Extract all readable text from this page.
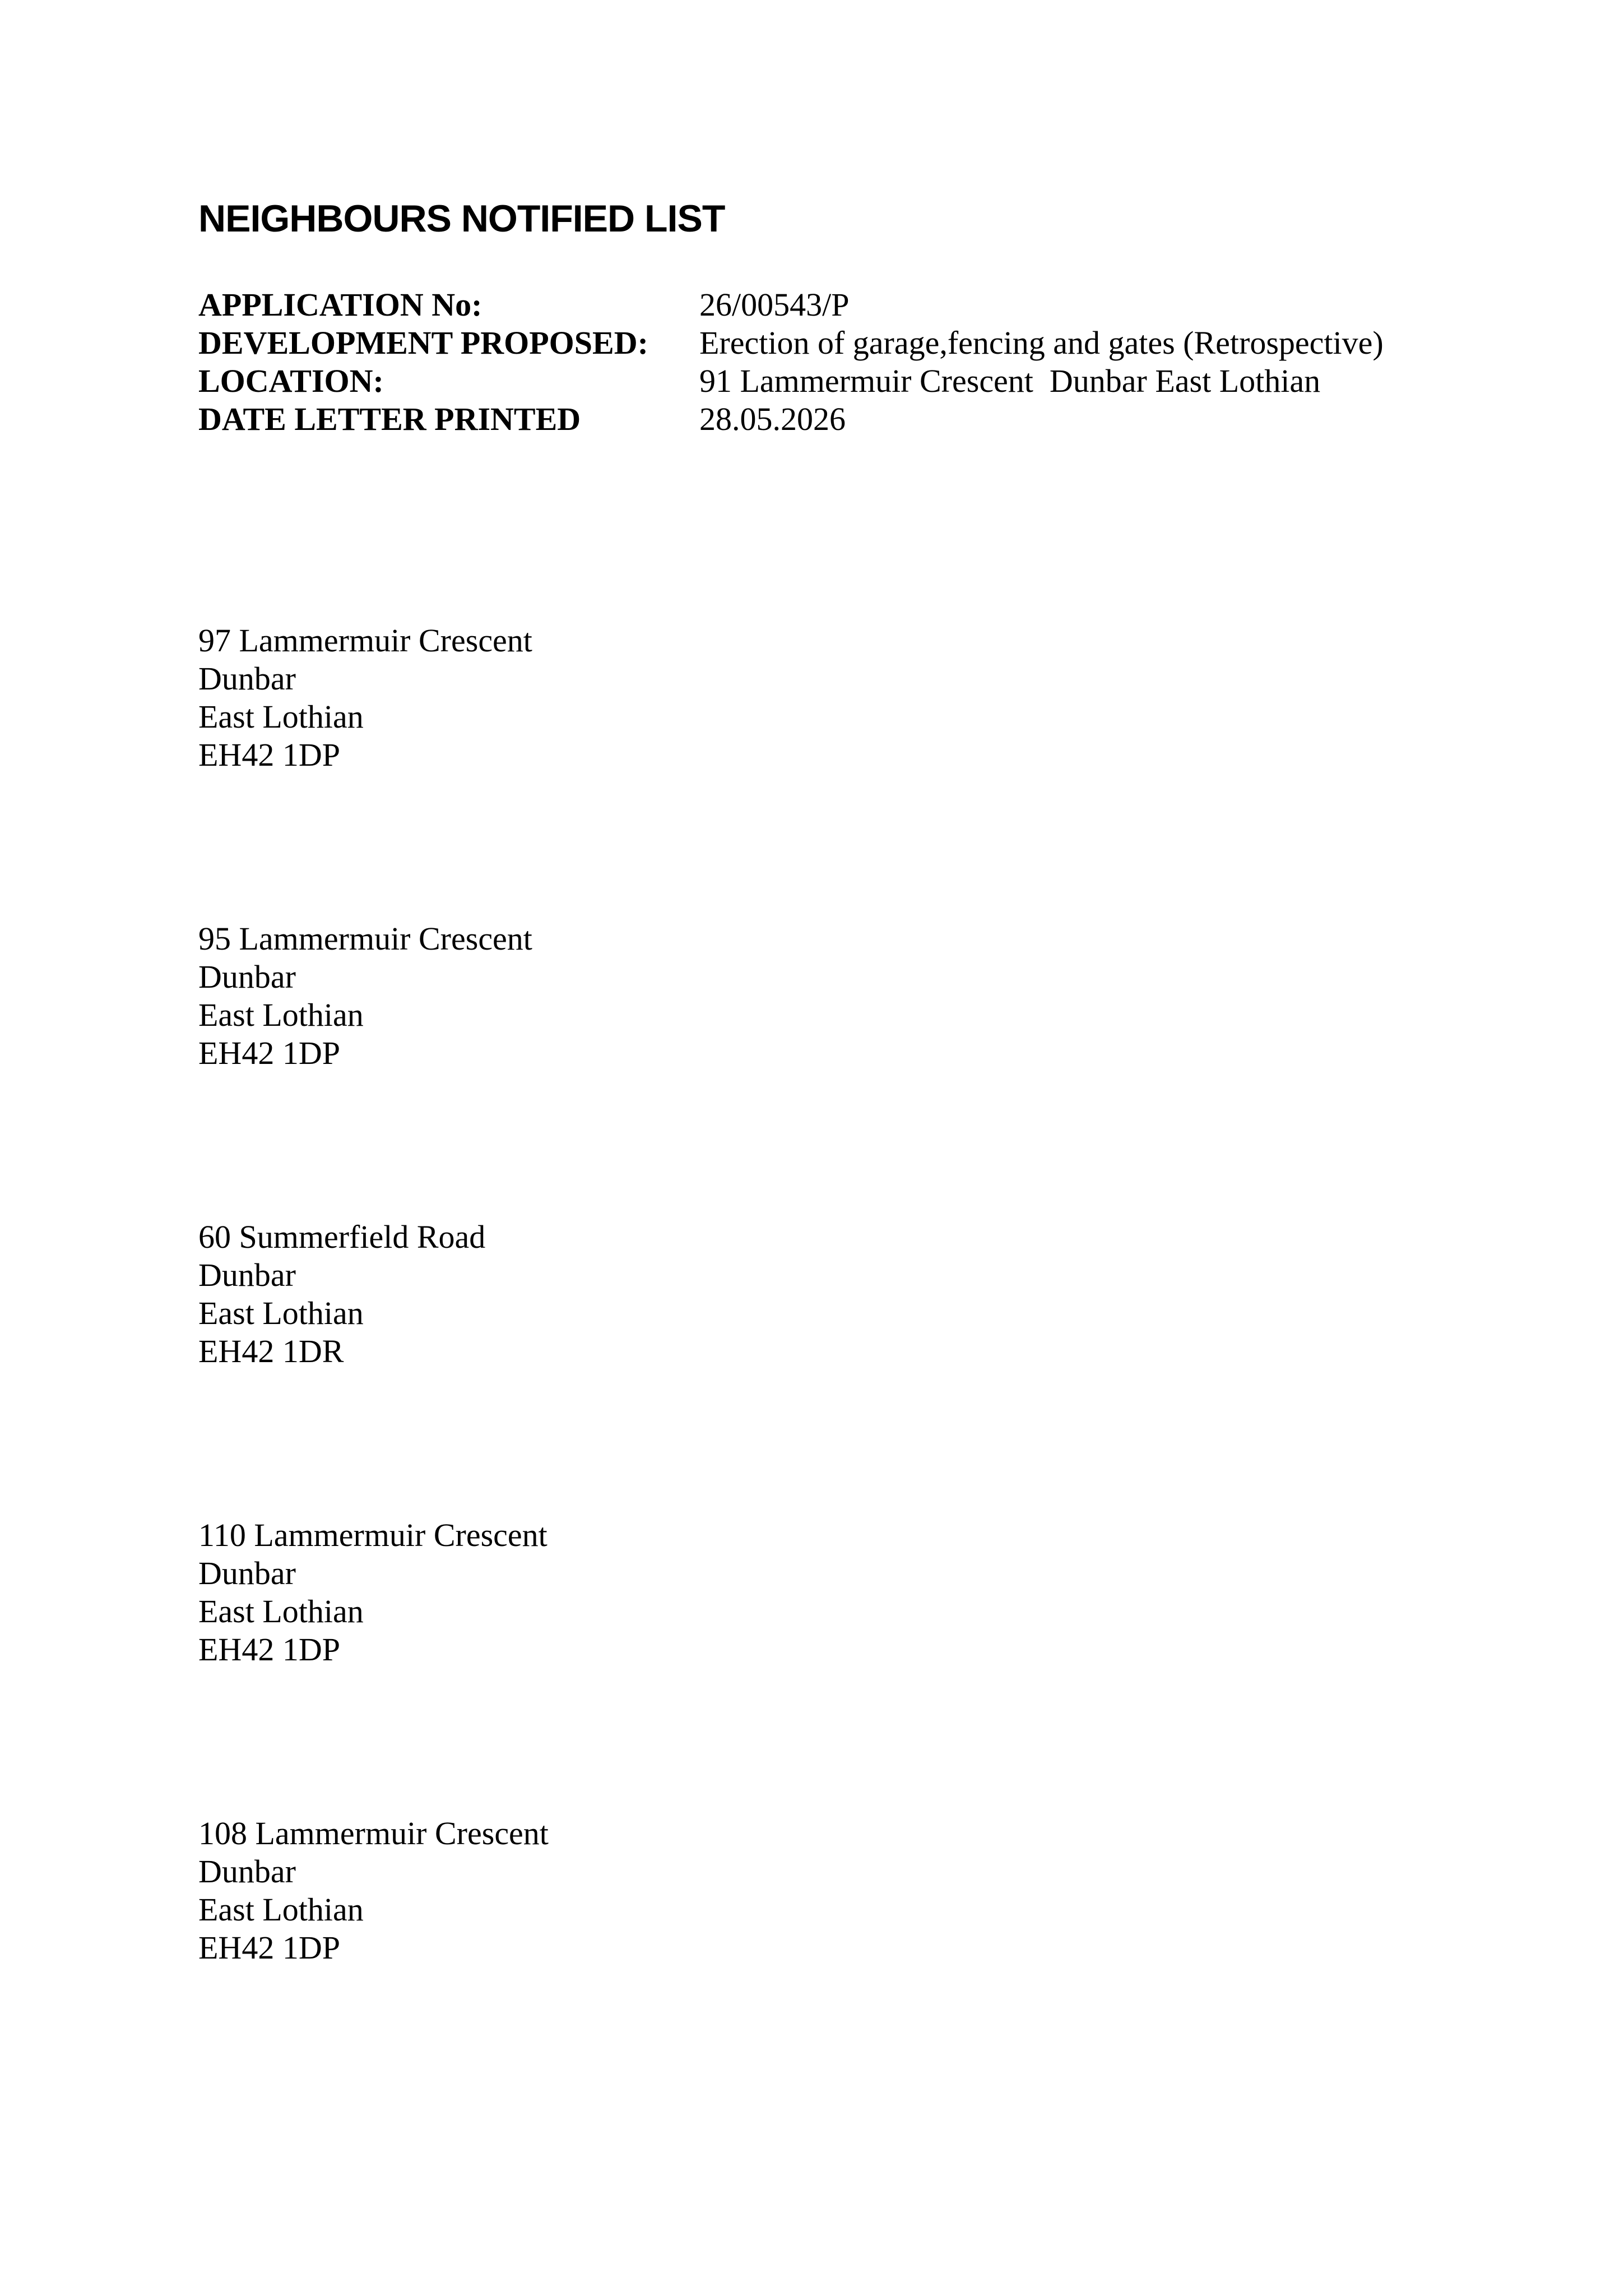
NEIGHBOURS NOTIFIED LIST
APPLICATION No:	26/00543/P
DEVELOPMENT PROPOSED:	Erection of garage,fencing and gates (Retrospective)
LOCATION:	91 Lammermuir Crescent  Dunbar East Lothian
DATE LETTER PRINTED	28.05.2026
97 Lammermuir Crescent
Dunbar
East Lothian
EH42 1DP
95 Lammermuir Crescent
Dunbar
East Lothian
EH42 1DP
60 Summerfield Road
Dunbar
East Lothian
EH42 1DR
110 Lammermuir Crescent
Dunbar
East Lothian
EH42 1DP
108 Lammermuir Crescent
Dunbar
East Lothian
EH42 1DP
